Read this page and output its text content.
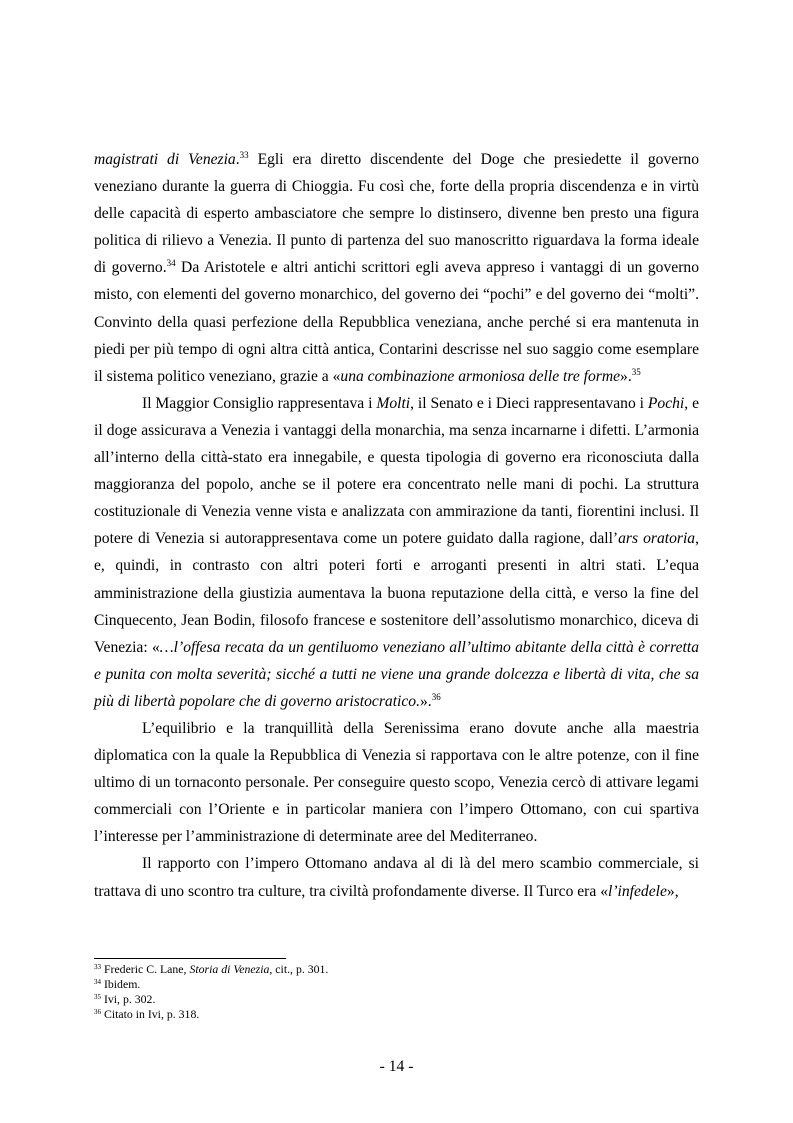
magistrati di Venezia.$^{33}$ Egli era diretto discendente del Doge che presiedette il governo veneziano durante la guerra di Chioggia. Fu così che, forte della propria discendenza e in virtù delle capacità di esperto ambasciatore che sempre lo distinsero, divenne ben presto una figura politica di rilievo a Venezia. Il punto di partenza del suo manoscritto riguardava la forma ideale di governo.$^{34}$ Da Aristotele e altri antichi scrittori egli aveva appreso i vantaggi di un governo misto, con elementi del governo monarchico, del governo dei “pochi” e del governo dei “molti”. Convinto della quasi perfezione della Repubblica veneziana, anche perché si era mantenuta in piedi per più tempo di ogni altra città antica, Contarini descrisse nel suo saggio come esemplare il sistema politico veneziano, grazie a «una combinazione armoniosa delle tre forme».$^{35}$

Il Maggior Consiglio rappresentava i Molti, il Senato e i Dieci rappresentavano i Pochi, e il doge assicurava a Venezia i vantaggi della monarchia, ma senza incarnarne i difetti. L’armonia all’interno della città-stato era innegabile, e questa tipologia di governo era riconosciuta dalla maggioranza del popolo, anche se il potere era concentrato nelle mani di pochi. La struttura costituzionale di Venezia venne vista e analizzata con ammirazione da tanti, fiorentini inclusi. Il potere di Venezia si autorappresentava come un potere guidato dalla ragione, dall’ars oratoria, e, quindi, in contrasto con altri poteri forti e arroganti presenti in altri stati. L’equa amministrazione della giustizia aumentava la buona reputazione della città, e verso la fine del Cinquecento, Jean Bodin, filosofo francese e sostenitore dell’assolutismo monarchico, diceva di Venezia: «…l’offesa recata da un gentiluomo veneziano all’ultimo abitante della città è corretta e punita con molta severità; sicché a tutti ne viene una grande dolcezza e libertà di vita, che sa più di libertà popolare che di governo aristocratico.».$^{36}$

L’equilibrio e la tranquillità della Serenissima erano dovute anche alla maestria diplomatica con la quale la Repubblica di Venezia si rapportava con le altre potenze, con il fine ultimo di un tornaconto personale. Per conseguire questo scopo, Venezia cercò di attivare legami commerciali con l’Oriente e in particolar maniera con l’impero Ottomano, con cui spartiva l’interesse per l’amministrazione di determinate aree del Mediterraneo.

Il rapporto con l’impero Ottomano andava al di là del mero scambio commerciale, si trattava di uno scontro tra culture, tra civiltà profondamente diverse. Il Turco era «l’infedele»,

$^{33}$ Frederic C. Lane, Storia di Venezia, cit., p. 301.
$^{34}$ Ibidem.
$^{35}$ Ivi, p. 302.
$^{36}$ Citato in Ivi, p. 318.
- 14 -
